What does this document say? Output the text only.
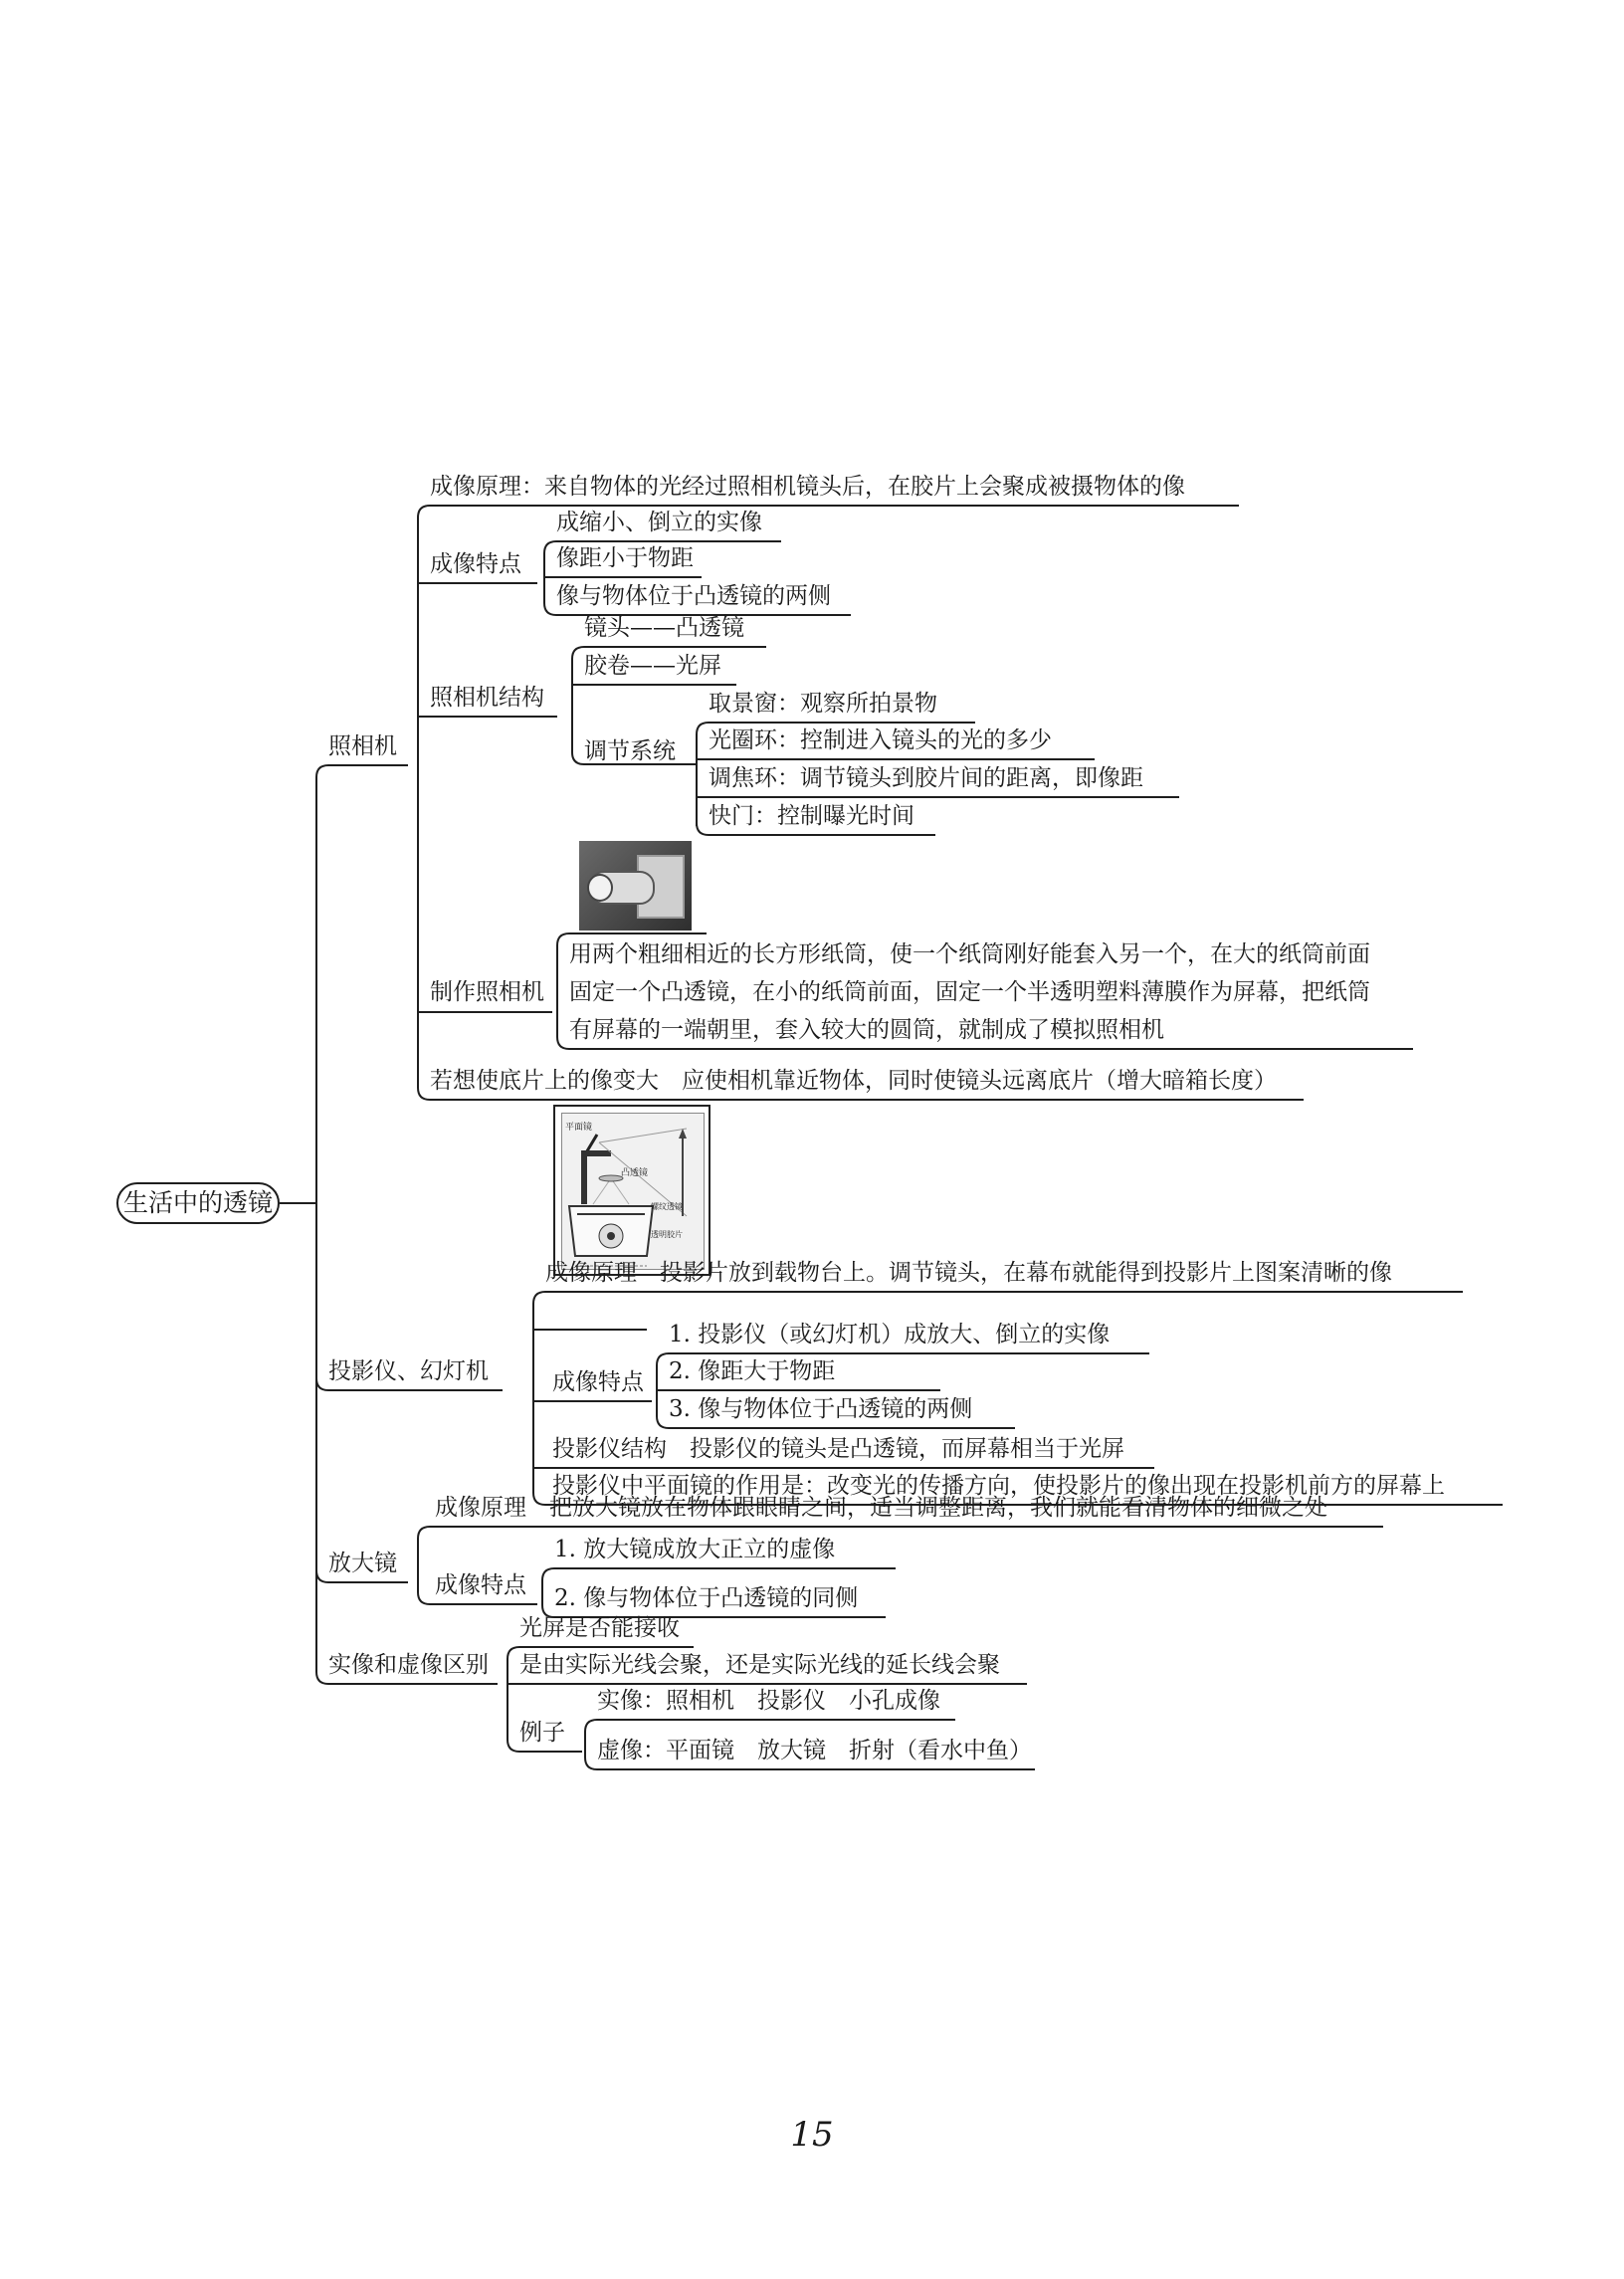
生活中的透镜
照相机
成像原理：来自物体的光经过照相机镜头后，在胶片上会聚成被摄物体的像
成像特点
成缩小、倒立的实像
像距小于物距
像与物体位于凸透镜的两侧
照相机结构
镜头——凸透镜
胶卷——光屏
调节系统
取景窗：观察所拍景物
光圈环：控制进入镜头的光的多少
调焦环：调节镜头到胶片间的距离，即像距
快门：控制曝光时间
制作照相机
用两个粗细相近的长方形纸筒，使一个纸筒刚好能套入另一个，在大的纸筒前面
固定一个凸透镜，在小的纸筒前面，固定一个半透明塑料薄膜作为屏幕，把纸筒
有屏幕的一端朝里，套入较大的圆筒，就制成了模拟照相机
若想使底片上的像变大　应使相机靠近物体，同时使镜头远离底片（增大暗箱长度）
平面镜
凸透镜
螺纹透镜
透明胶片
投影仪、幻灯机
成像原理　投影片放到载物台上。调节镜头，在幕布就能得到投影片上图案清晰的像
成像特点
1. 投影仪（或幻灯机）成放大、倒立的实像
2. 像距大于物距
3. 像与物体位于凸透镜的两侧
投影仪结构　投影仪的镜头是凸透镜，而屏幕相当于光屏
投影仪中平面镜的作用是：改变光的传播方向，使投影片的像出现在投影机前方的屏幕上
放大镜
成像原理　把放大镜放在物体跟眼睛之间，适当调整距离，我们就能看清物体的细微之处
成像特点
1. 放大镜成放大正立的虚像
2. 像与物体位于凸透镜的同侧
实像和虚像区别
光屏是否能接收
是由实际光线会聚，还是实际光线的延长线会聚
例子
实像：照相机　投影仪　小孔成像
虚像：平面镜　放大镜　折射（看水中鱼）
15
